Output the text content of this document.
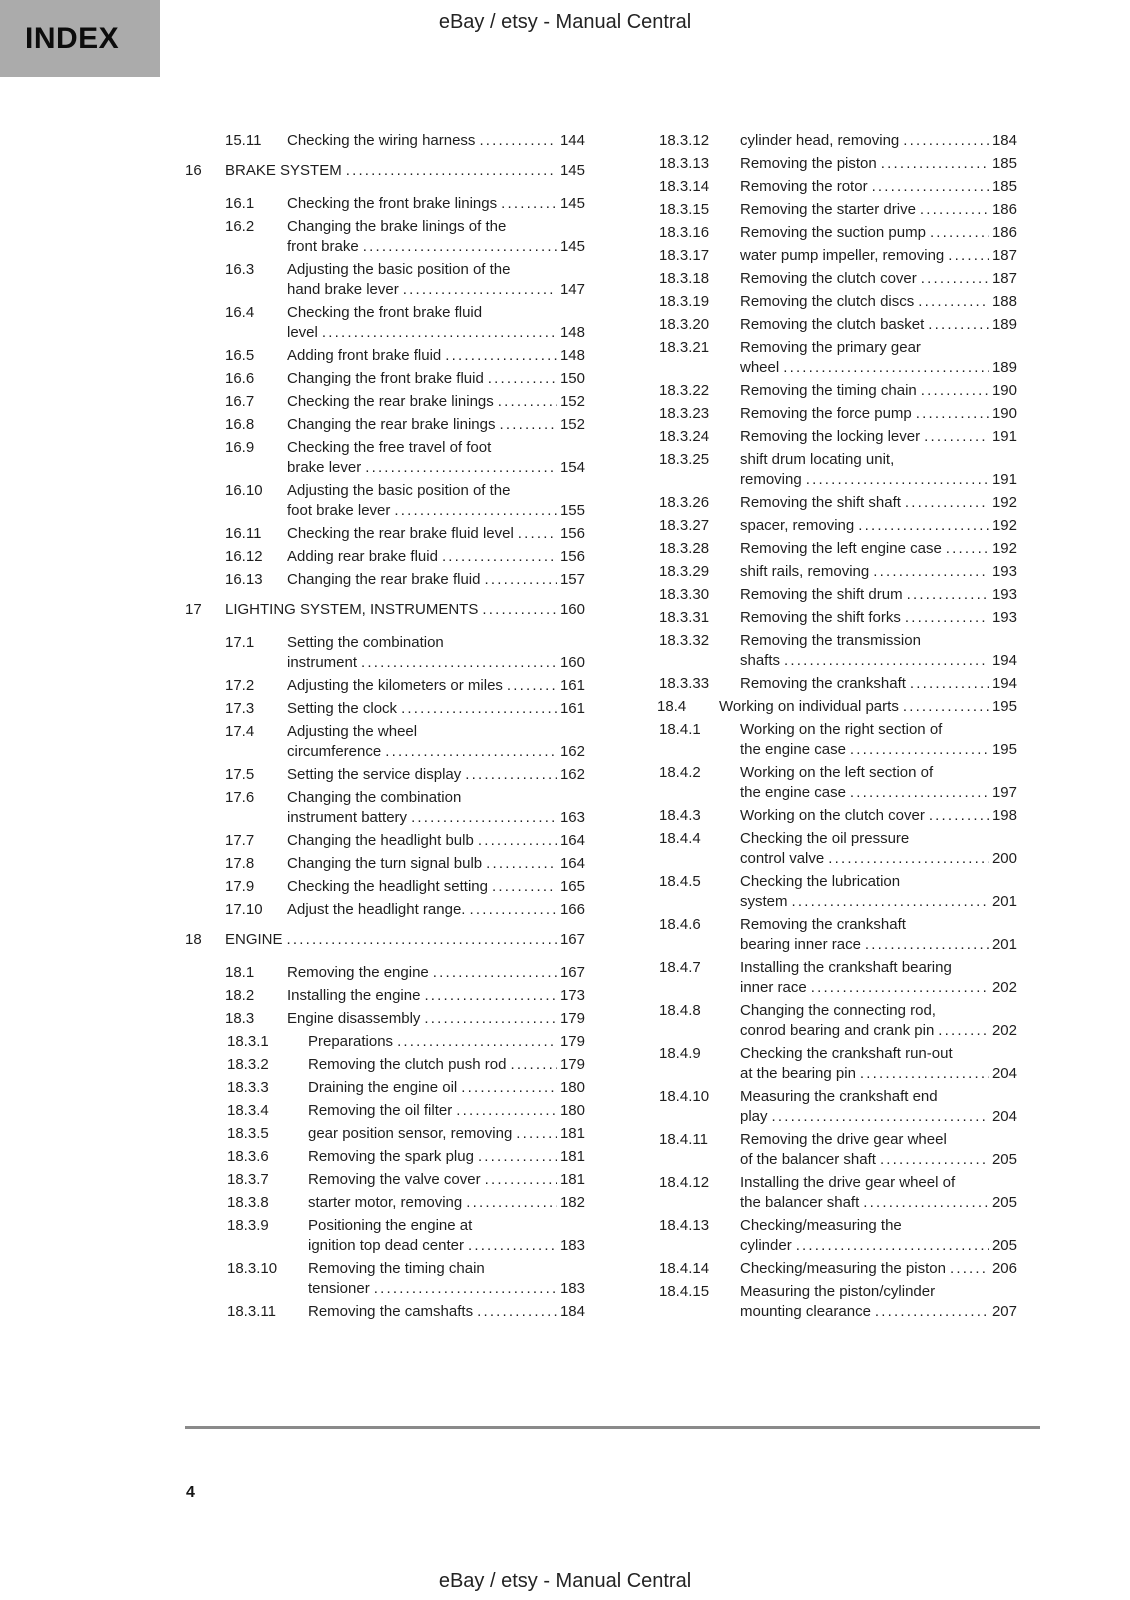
INDEX	eBay / etsy - Manual Central
15.11	Checking the wiring harness .....	144
16	BRAKE SYSTEM .....	145
16.1	Checking the front brake linings .....	145
16.2	Changing the brake linings of the
front brake .....	145
16.3	Adjusting the basic position of the
hand brake lever .....	147
16.4	Checking the front brake fluid
level .....	148
16.5	Adding front brake fluid .....	148
16.6	Changing the front brake fluid .....	150
16.7	Checking the rear brake linings .....	152
16.8	Changing the rear brake linings .....	152
16.9	Checking the free travel of foot
brake lever .....	154
16.10	Adjusting the basic position of the
foot brake lever .....	155
16.11	Checking the rear brake fluid level .....	156
16.12	Adding rear brake fluid .....	156
16.13	Changing the rear brake fluid .....	157
17	LIGHTING SYSTEM, INSTRUMENTS .....	160
17.1	Setting the combination
instrument .....	160
17.2	Adjusting the kilometers or miles .....	161
17.3	Setting the clock .....	161
17.4	Adjusting the wheel
circumference .....	162
17.5	Setting the service display .....	162
17.6	Changing the combination
instrument battery .....	163
17.7	Changing the headlight bulb .....	164
17.8	Changing the turn signal bulb .....	164
17.9	Checking the headlight setting .....	165
17.10	Adjust the headlight range. .....	166
18	ENGINE .....	167
18.1	Removing the engine .....	167
18.2	Installing the engine .....	173
18.3	Engine disassembly .....	179
18.3.1	Preparations .....	179
18.3.2	Removing the clutch push rod .....	179
18.3.3	Draining the engine oil .....	180
18.3.4	Removing the oil filter .....	180
18.3.5	gear position sensor, removing .....	181
18.3.6	Removing the spark plug .....	181
18.3.7	Removing the valve cover .....	181
18.3.8	starter motor, removing .....	182
18.3.9	Positioning the engine at
ignition top dead center .....	183
18.3.10	Removing the timing chain
tensioner .....	183
18.3.11	Removing the camshafts .....	184
18.3.12	cylinder head, removing .....	184
18.3.13	Removing the piston .....	185
18.3.14	Removing the rotor .....	185
18.3.15	Removing the starter drive .....	186
18.3.16	Removing the suction pump .....	186
18.3.17	water pump impeller, removing .....	187
18.3.18	Removing the clutch cover .....	187
18.3.19	Removing the clutch discs .....	188
18.3.20	Removing the clutch basket .....	189
18.3.21	Removing the primary gear
wheel .....	189
18.3.22	Removing the timing chain .....	190
18.3.23	Removing the force pump .....	190
18.3.24	Removing the locking lever .....	191
18.3.25	shift drum locating unit,
removing .....	191
18.3.26	Removing the shift shaft .....	192
18.3.27	spacer, removing .....	192
18.3.28	Removing the left engine case .....	192
18.3.29	shift rails, removing .....	193
18.3.30	Removing the shift drum .....	193
18.3.31	Removing the shift forks .....	193
18.3.32	Removing the transmission
shafts .....	194
18.3.33	Removing the crankshaft .....	194
18.4	Working on individual parts .....	195
18.4.1	Working on the right section of
the engine case .....	195
18.4.2	Working on the left section of
the engine case .....	197
18.4.3	Working on the clutch cover .....	198
18.4.4	Checking the oil pressure
control valve .....	200
18.4.5	Checking the lubrication
system .....	201
18.4.6	Removing the crankshaft
bearing inner race .....	201
18.4.7	Installing the crankshaft bearing
inner race .....	202
18.4.8	Changing the connecting rod,
conrod bearing and crank pin .....	202
18.4.9	Checking the crankshaft run-out
at the bearing pin .....	204
18.4.10	Measuring the crankshaft end
play .....	204
18.4.11	Removing the drive gear wheel
of the balancer shaft .....	205
18.4.12	Installing the drive gear wheel of
the balancer shaft .....	205
18.4.13	Checking/measuring the
cylinder .....	205
18.4.14	Checking/measuring the piston .....	206
18.4.15	Measuring the piston/cylinder
mounting clearance .....	207
4
eBay / etsy - Manual Central
